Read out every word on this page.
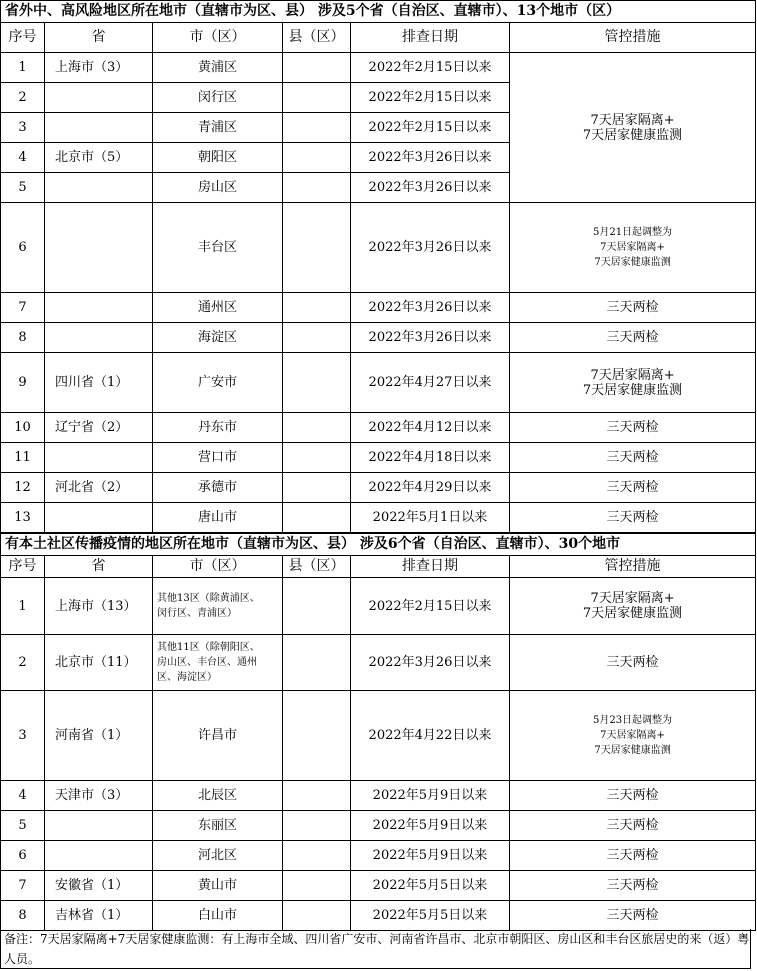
省外中、高风险地区所在地市（直辖市为区、县） 涉及5个省（自治区、直辖市）、13个地市（区）					
序号	省	市（区）	县（区）	排查日期	管控措施
1	上海市（3）	黄浦区		2022年2月15日以来	7天居家隔离+
7天居家健康监测

2		闵行区		2022年2月15日以来	
3		青浦区		2022年2月15日以来	
4	北京市（5）	朝阳区		2022年3月26日以来	
5		房山区		2022年3月26日以来	
6		丰台区		2022年3月26日以来	5月21日起调整为
7天居家隔离+
7天居家健康监测

7		通州区		2022年3月26日以来	三天两检
8		海淀区		2022年3月26日以来	三天两检
9	四川省（1）	广安市		2022年4月27日以来	7天居家隔离+
7天居家健康监测

10	辽宁省（2）	丹东市		2022年4月12日以来	三天两检
11		营口市		2022年4月18日以来	三天两检
12	河北省（2）	承德市		2022年4月29日以来	三天两检
13		唐山市		2022年5月1日以来	三天两检
有本土社区传播疫情的地区所在地市（直辖市为区、县） 涉及6个省（自治区、直辖市）、30个地市					
序号	省	市（区）	县（区）	排查日期	管控措施
1	上海市（13）	其他13区（除黄浦区、
闵行区、青浦区）		2022年2月15日以来	7天居家隔离+
7天居家健康监测

2	北京市（11）	其他11区（除朝阳区、
房山区、丰台区、通州
区、海淀区）		2022年3月26日以来	三天两检
3	河南省（1）	许昌市		2022年4月22日以来	5月23日起调整为
7天居家隔离+
7天居家健康监测

4	天津市（3）	北辰区		2022年5月9日以来	三天两检
5		东丽区		2022年5月9日以来	三天两检
6		河北区		2022年5月9日以来	三天两检
7	安徽省（1）	黄山市		2022年5月5日以来	三天两检
8	吉林省（1）	白山市		2022年5月5日以来	三天两检
备注：7天居家隔离+7天居家健康监测：有上海市全域、四川省广安市、河南省许昌市、北京市朝阳区、房山区和丰台区旅居史的来（返）粤人员。
